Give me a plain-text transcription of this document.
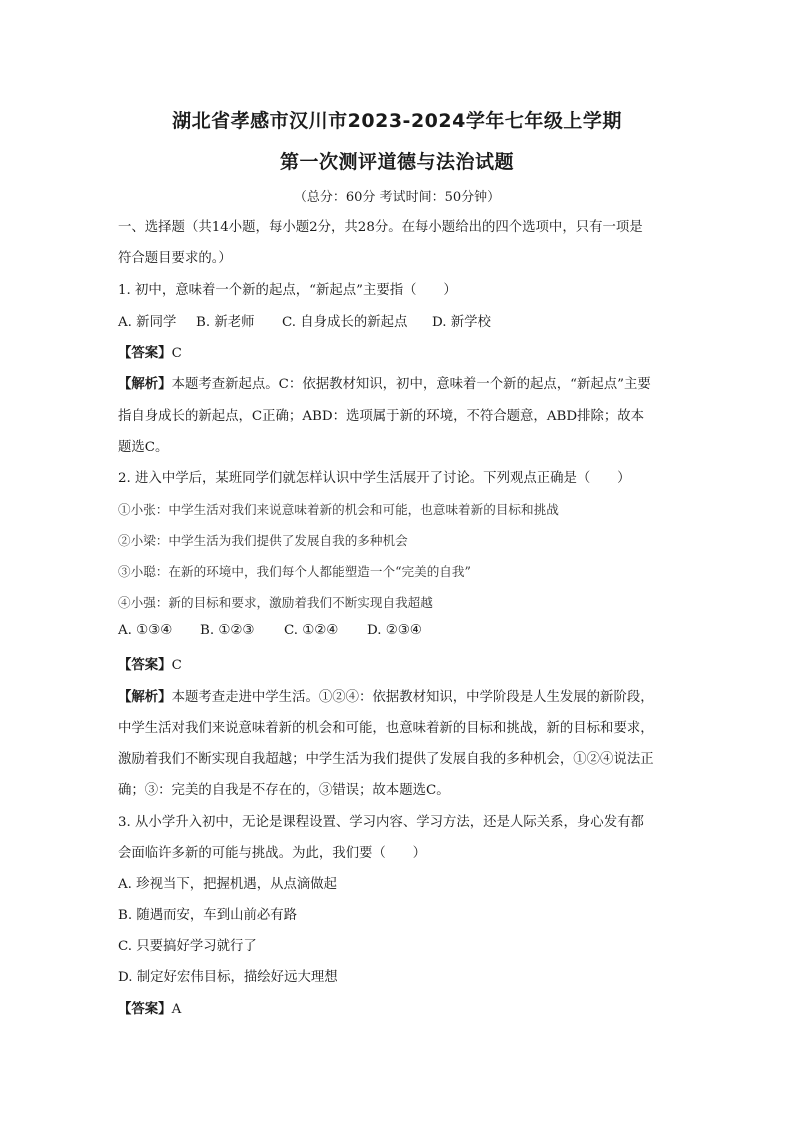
湖北省孝感市汉川市2023-2024学年七年级上学期
第一次测评道德与法治试题
（总分：60分 考试时间：50分钟）
一、选择题（共14小题，每小题2分，共28分。在每小题给出的四个选项中，只有一项是
符合题目要求的。）
1. 初中，意味着一个新的起点，“新起点”主要指（　　）
A. 新同学 B. 新老师 C. 自身成长的新起点 D. 新学校
【答案】C
【解析】本题考查新起点。C：依据教材知识，初中，意味着一个新的起点，“新起点”主要
指自身成长的新起点，C正确；ABD：选项属于新的环境，不符合题意，ABD排除；故本
题选C。
2. 进入中学后，某班同学们就怎样认识中学生活展开了讨论。下列观点正确是（　　）
①小张：中学生活对我们来说意味着新的机会和可能，也意味着新的目标和挑战
②小梁：中学生活为我们提供了发展自我的多种机会
③小聪：在新的环境中，我们每个人都能塑造一个“完美的自我”
④小强：新的目标和要求，激励着我们不断实现自我超越
A. ①③④ B. ①②③ C. ①②④ D. ②③④
【答案】C
【解析】本题考查走进中学生活。①②④：依据教材知识，中学阶段是人生发展的新阶段，
中学生活对我们来说意味着新的机会和可能，也意味着新的目标和挑战，新的目标和要求，
激励着我们不断实现自我超越；中学生活为我们提供了发展自我的多种机会，①②④说法正
确；③：完美的自我是不存在的，③错误；故本题选C。
3. 从小学升入初中，无论是课程设置、学习内容、学习方法，还是人际关系，身心发有都
会面临许多新的可能与挑战。为此，我们要（　　）
A. 珍视当下，把握机遇，从点滴做起
B. 随遇而安，车到山前必有路
C. 只要搞好学习就行了
D. 制定好宏伟目标，描绘好远大理想
【答案】A
